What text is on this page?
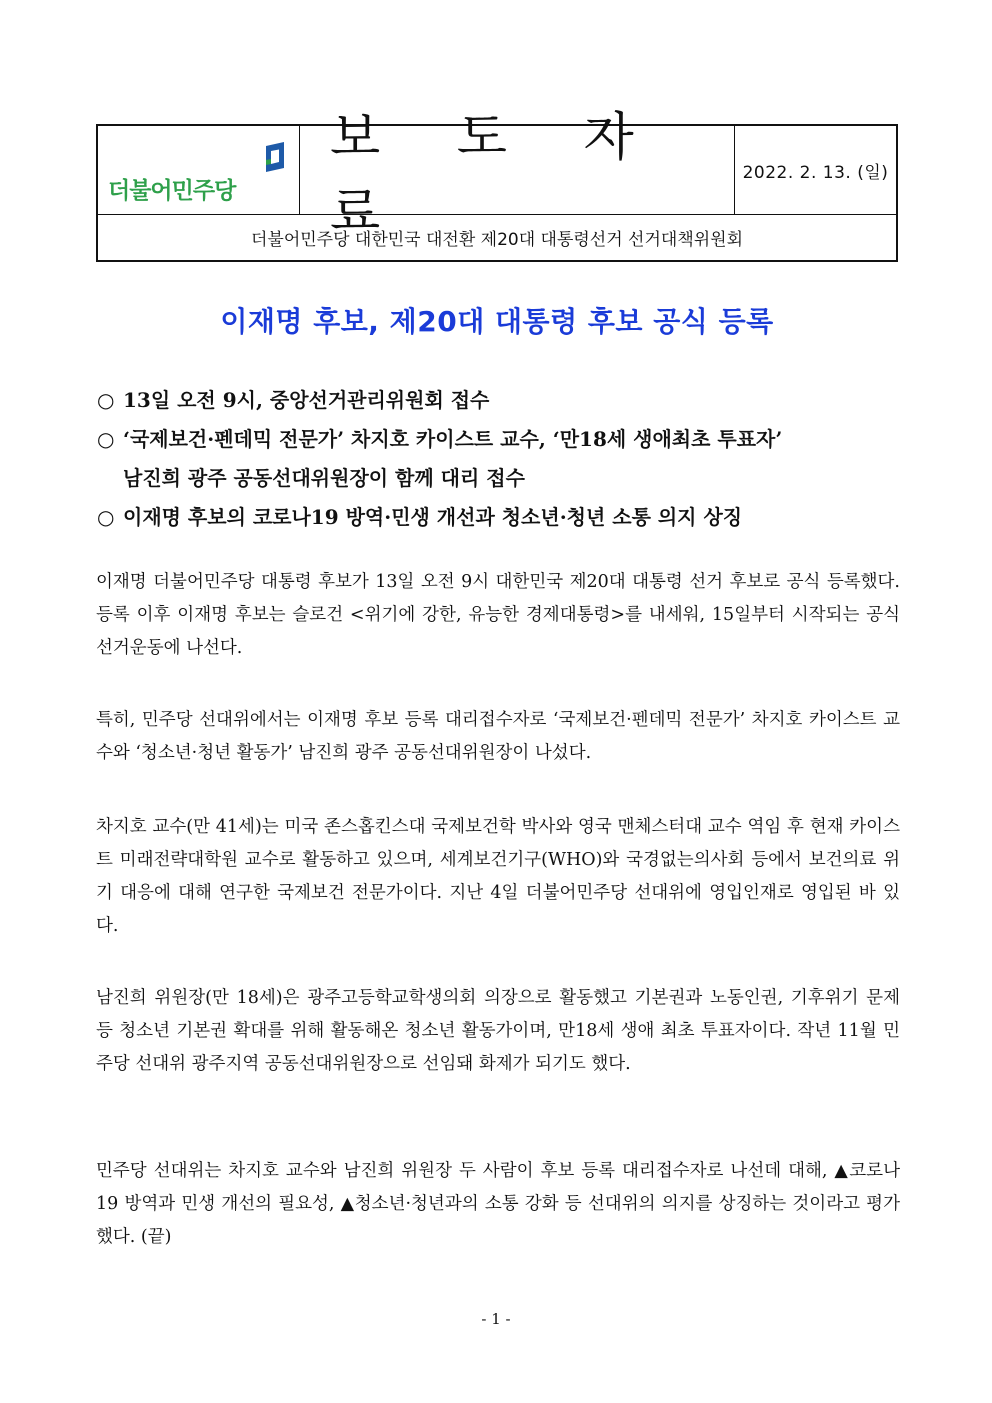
더불어민주당
보 도 자 료
2022. 2. 13. (일)
더불어민주당 대한민국 대전환 제20대 대통령선거 선거대책위원회
이재명 후보, 제20대 대통령 후보 공식 등록
○ 13일 오전 9시, 중앙선거관리위원회 접수
○ ‘국제보건·펜데믹 전문가’ 차지호 카이스트 교수, ‘만18세 생애최초 투표자’
남진희 광주 공동선대위원장이 함께 대리 접수
○ 이재명 후보의 코로나19 방역·민생 개선과 청소년·청년 소통 의지 상징

이재명 더불어민주당 대통령 후보가 13일 오전 9시 대한민국 제20대 대통령 선거 후보로 공식 등록했다. 등록 이후 이재명 후보는 슬로건 <위기에 강한, 유능한 경제대통령>를 내세워, 15일부터 시작되는 공식 선거운동에 나선다.

특히, 민주당 선대위에서는 이재명 후보 등록 대리접수자로 ‘국제보건·펜데믹 전문가’ 차지호 카이스트 교수와 ‘청소년·청년 활동가’ 남진희 광주 공동선대위원장이 나섰다.

차지호 교수(만 41세)는 미국 존스홉킨스대 국제보건학 박사와 영국 맨체스터대 교수 역임 후 현재 카이스트 미래전략대학원 교수로 활동하고 있으며, 세계보건기구(WHO)와 국경없는의사회 등에서 보건의료 위기 대응에 대해 연구한 국제보건 전문가이다. 지난 4일 더불어민주당 선대위에 영입인재로 영입된 바 있다.

남진희 위원장(만 18세)은 광주고등학교학생의회 의장으로 활동했고 기본권과 노동인권, 기후위기 문제 등 청소년 기본권 확대를 위해 활동해온 청소년 활동가이며, 만18세 생애 최초 투표자이다. 작년 11월 민주당 선대위 광주지역 공동선대위원장으로 선임돼 화제가 되기도 했다.

민주당 선대위는 차지호 교수와 남진희 위원장 두 사람이 후보 등록 대리접수자로 나선데 대해, ▲코로나19 방역과 민생 개선의 필요성, ▲청소년·청년과의 소통 강화 등 선대위의 의지를 상징하는 것이라고 평가했다. (끝)

- 1 -
